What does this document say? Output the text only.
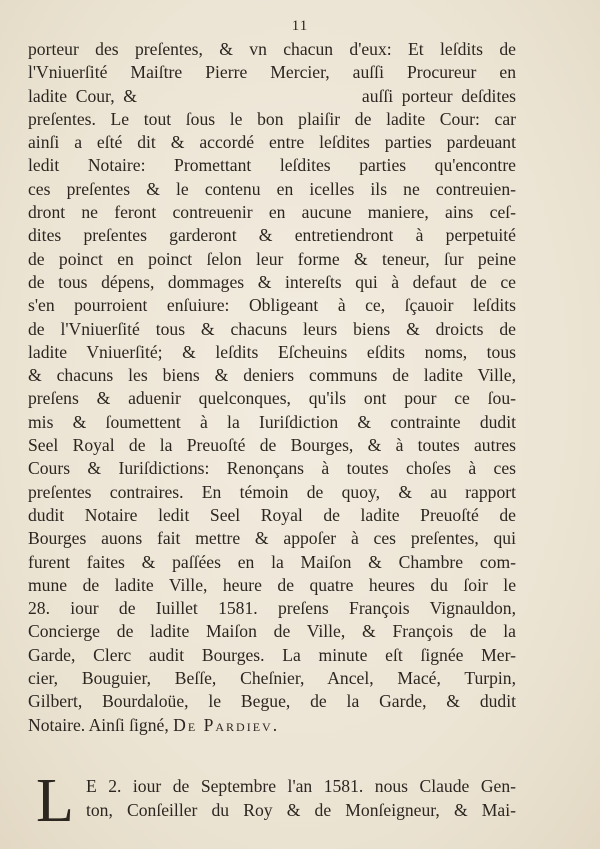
11
porteur des preſentes, & vn chacun d'eux: Et leſdits de
l'Vniuerſité Maiſtre Pierre Mercier, auſſi Procureur en
ladite Cour, &                          auſſi porteur deſdites
preſentes. Le tout ſous le bon plaiſir de ladite Cour: car
ainſi a eſté dit & accordé entre leſdites parties pardeuant
ledit Notaire: Promettant leſdites parties qu'encontre
ces preſentes & le contenu en icelles ils ne contreuien-
dront ne feront contreuenir en aucune maniere, ains ceſ-
dites preſentes garderont & entretiendront à perpetuité
de poinct en poinct ſelon leur forme & teneur, ſur peine
de tous dépens, dommages & intereſts qui à defaut de ce
s'en pourroient enſuiure: Obligeant à ce, ſçauoir leſdits
de l'Vniuerſité tous & chacuns leurs biens & droicts de
ladite Vniuerſité; & leſdits Eſcheuins eſdits noms, tous
& chacuns les biens & deniers communs de ladite Ville,
preſens & aduenir quelconques, qu'ils ont pour ce ſou-
mis & ſoumettent à la Iuriſdiction & contrainte dudit
Seel Royal de la Preuoſté de Bourges, & à toutes autres
Cours & Iuriſdictions: Renonçans à toutes choſes à ces
preſentes contraires. En témoin de quoy, & au rapport
dudit Notaire ledit Seel Royal de ladite Preuoſté de
Bourges auons fait mettre & appoſer à ces preſentes, qui
furent faites & paſſées en la Maiſon & Chambre com-
mune de ladite Ville, heure de quatre heures du ſoir le
28. iour de Iuillet 1581. preſens François Vignauldon,
Concierge de ladite Maiſon de Ville, & François de la
Garde, Clerc audit Bourges. La minute eſt ſignée Mer-
cier, Bouguier, Beſſe, Cheſnier, Ancel, Macé, Turpin,
Gilbert, Bourdaloüe, le Begue, de la Garde, & dudit
Notaire. Ainſi ſigné, De Pardiev.
L E 2. iour de Septembre l'an 1581. nous Claude Gen-
ton, Conſeiller du Roy & de Monſeigneur, & Mai-
